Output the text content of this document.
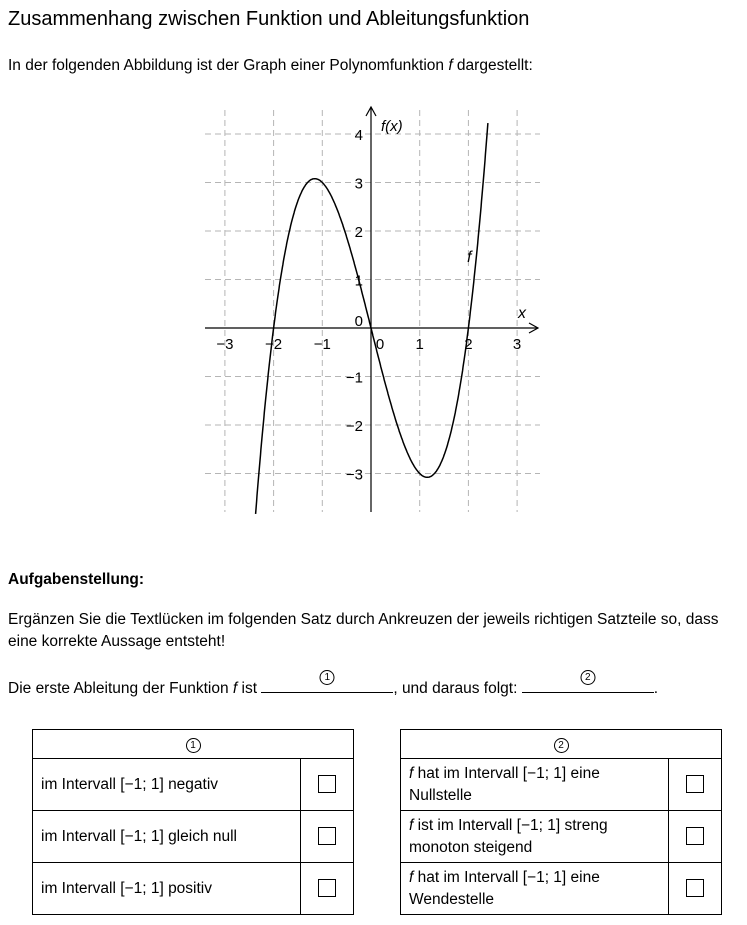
Zusammenhang zwischen Funktion und Ableitungsfunktion
In der folgenden Abbildung ist der Graph einer Polynomfunktion f dargestellt:
−3 −2 −1	0 1	2	3
−3
−2
−1
0
1
2
3
4
f
f(x)
x
Aufgabenstellung:
Ergänzen Sie die Textlücken im folgenden Satz durch Ankreuzen der jeweils richtigen Satzteile so, dass eine korrekte Aussage entsteht!
Die erste Ableitung der Funktion f ist
1
, und daraus folgt:
2
.
1	
im Intervall [−1; 1] negativ	
im Intervall [−1; 1] gleich null	
im Intervall [−1; 1] positiv	
2	
f hat im Intervall [−1; 1] eine
Nullstelle	
f ist im Intervall [−1; 1] streng
monoton steigend	
f hat im Intervall [−1; 1] eine
Wendestelle	
